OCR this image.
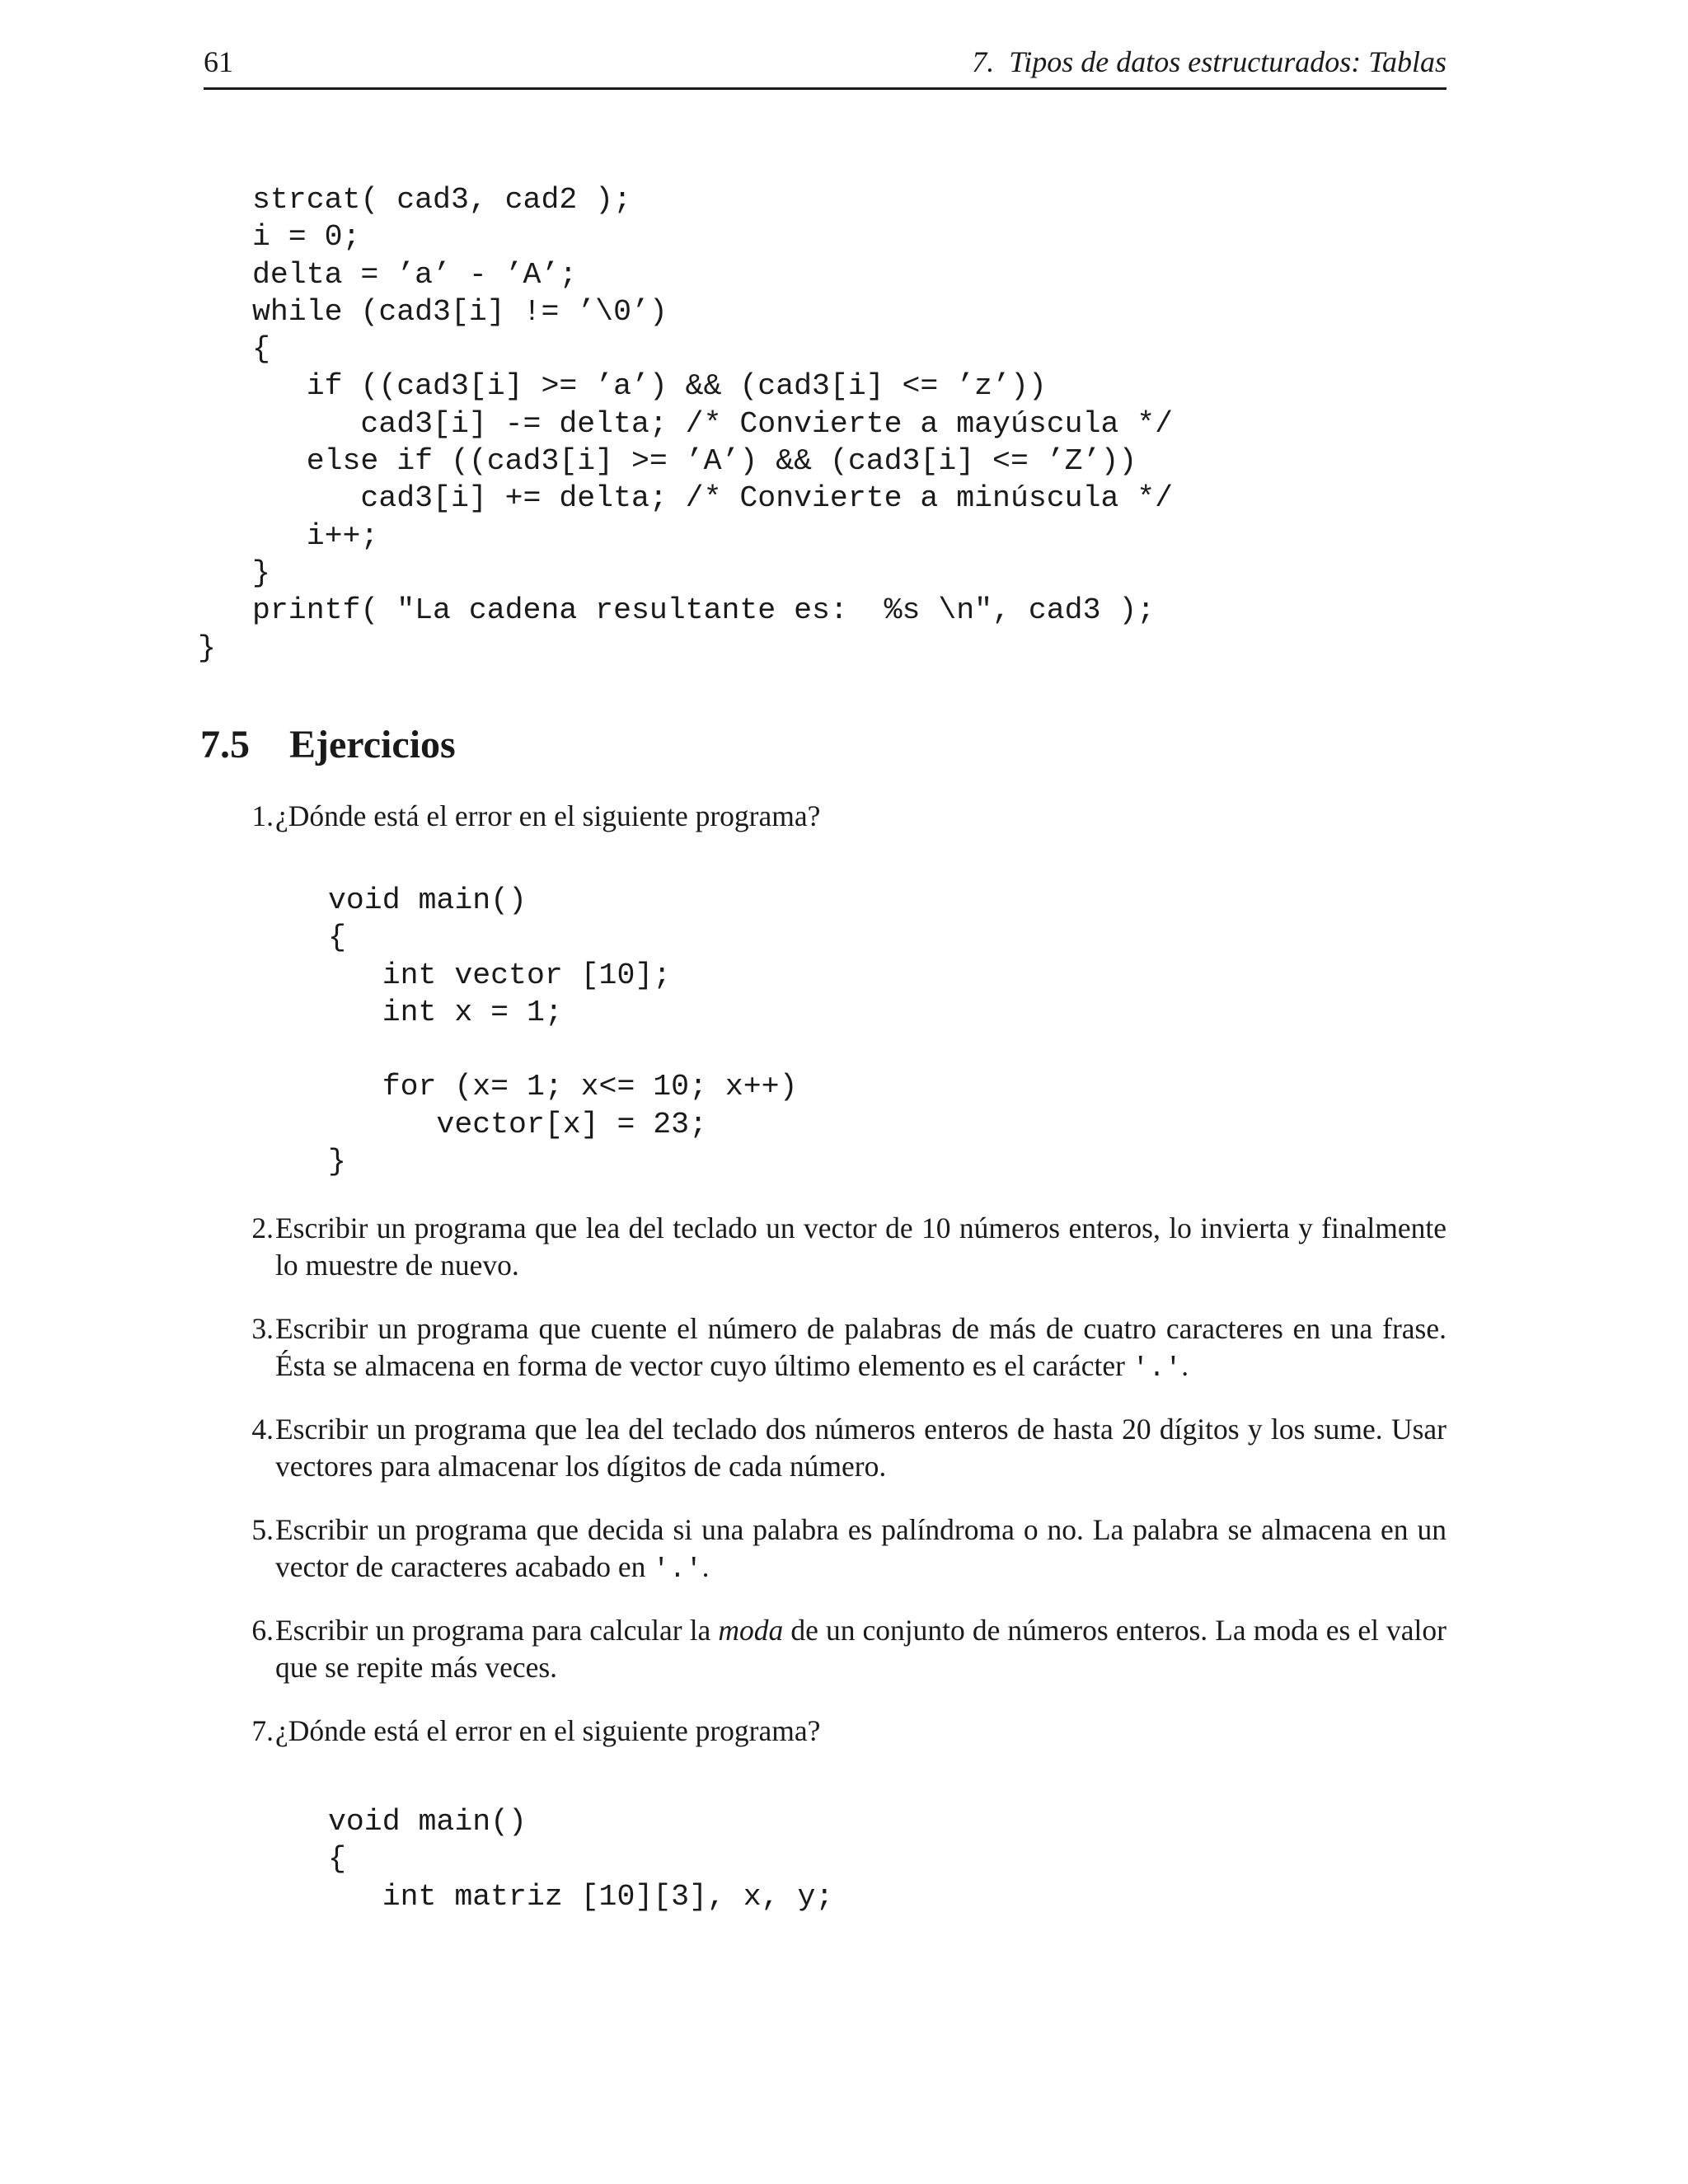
61	7.  Tipos de datos estructurados: Tablas
strcat( cad3, cad2 );
i = 0;
delta = ’a’ - ’A’;
while (cad3[i] != ’\0’)
{
if ((cad3[i] >= ’a’) && (cad3[i] <= ’z’))
cad3[i] -= delta; /* Convierte a mayúscula */
else if ((cad3[i] >= ’A’) && (cad3[i] <= ’Z’))
cad3[i] += delta; /* Convierte a minúscula */
i++;
}
printf( "La cadena resultante es:  %s \n", cad3 );
}
7.5 Ejercicios
1. ¿Dónde está el error en el siguiente programa?
void main()
{
int vector [10];
int x = 1;
for (x= 1; x<= 10; x++)
vector[x] = 23;
}
2. Escribir un programa que lea del teclado un vector de 10 números enteros, lo invierta y finalmente lo muestre de nuevo.
3. Escribir un programa que cuente el número de palabras de más de cuatro caracteres en una frase. Ésta se almacena en forma de vector cuyo último elemento es el carácter '.'.
4. Escribir un programa que lea del teclado dos números enteros de hasta 20 dígitos y los sume. Usar vectores para almacenar los dígitos de cada número.
5. Escribir un programa que decida si una palabra es palíndroma o no. La palabra se almacena en un vector de caracteres acabado en '.'.
6. Escribir un programa para calcular la moda de un conjunto de números enteros. La moda es el valor que se repite más veces.
7. ¿Dónde está el error en el siguiente programa?
void main()
{
int matriz [10][3], x, y;
